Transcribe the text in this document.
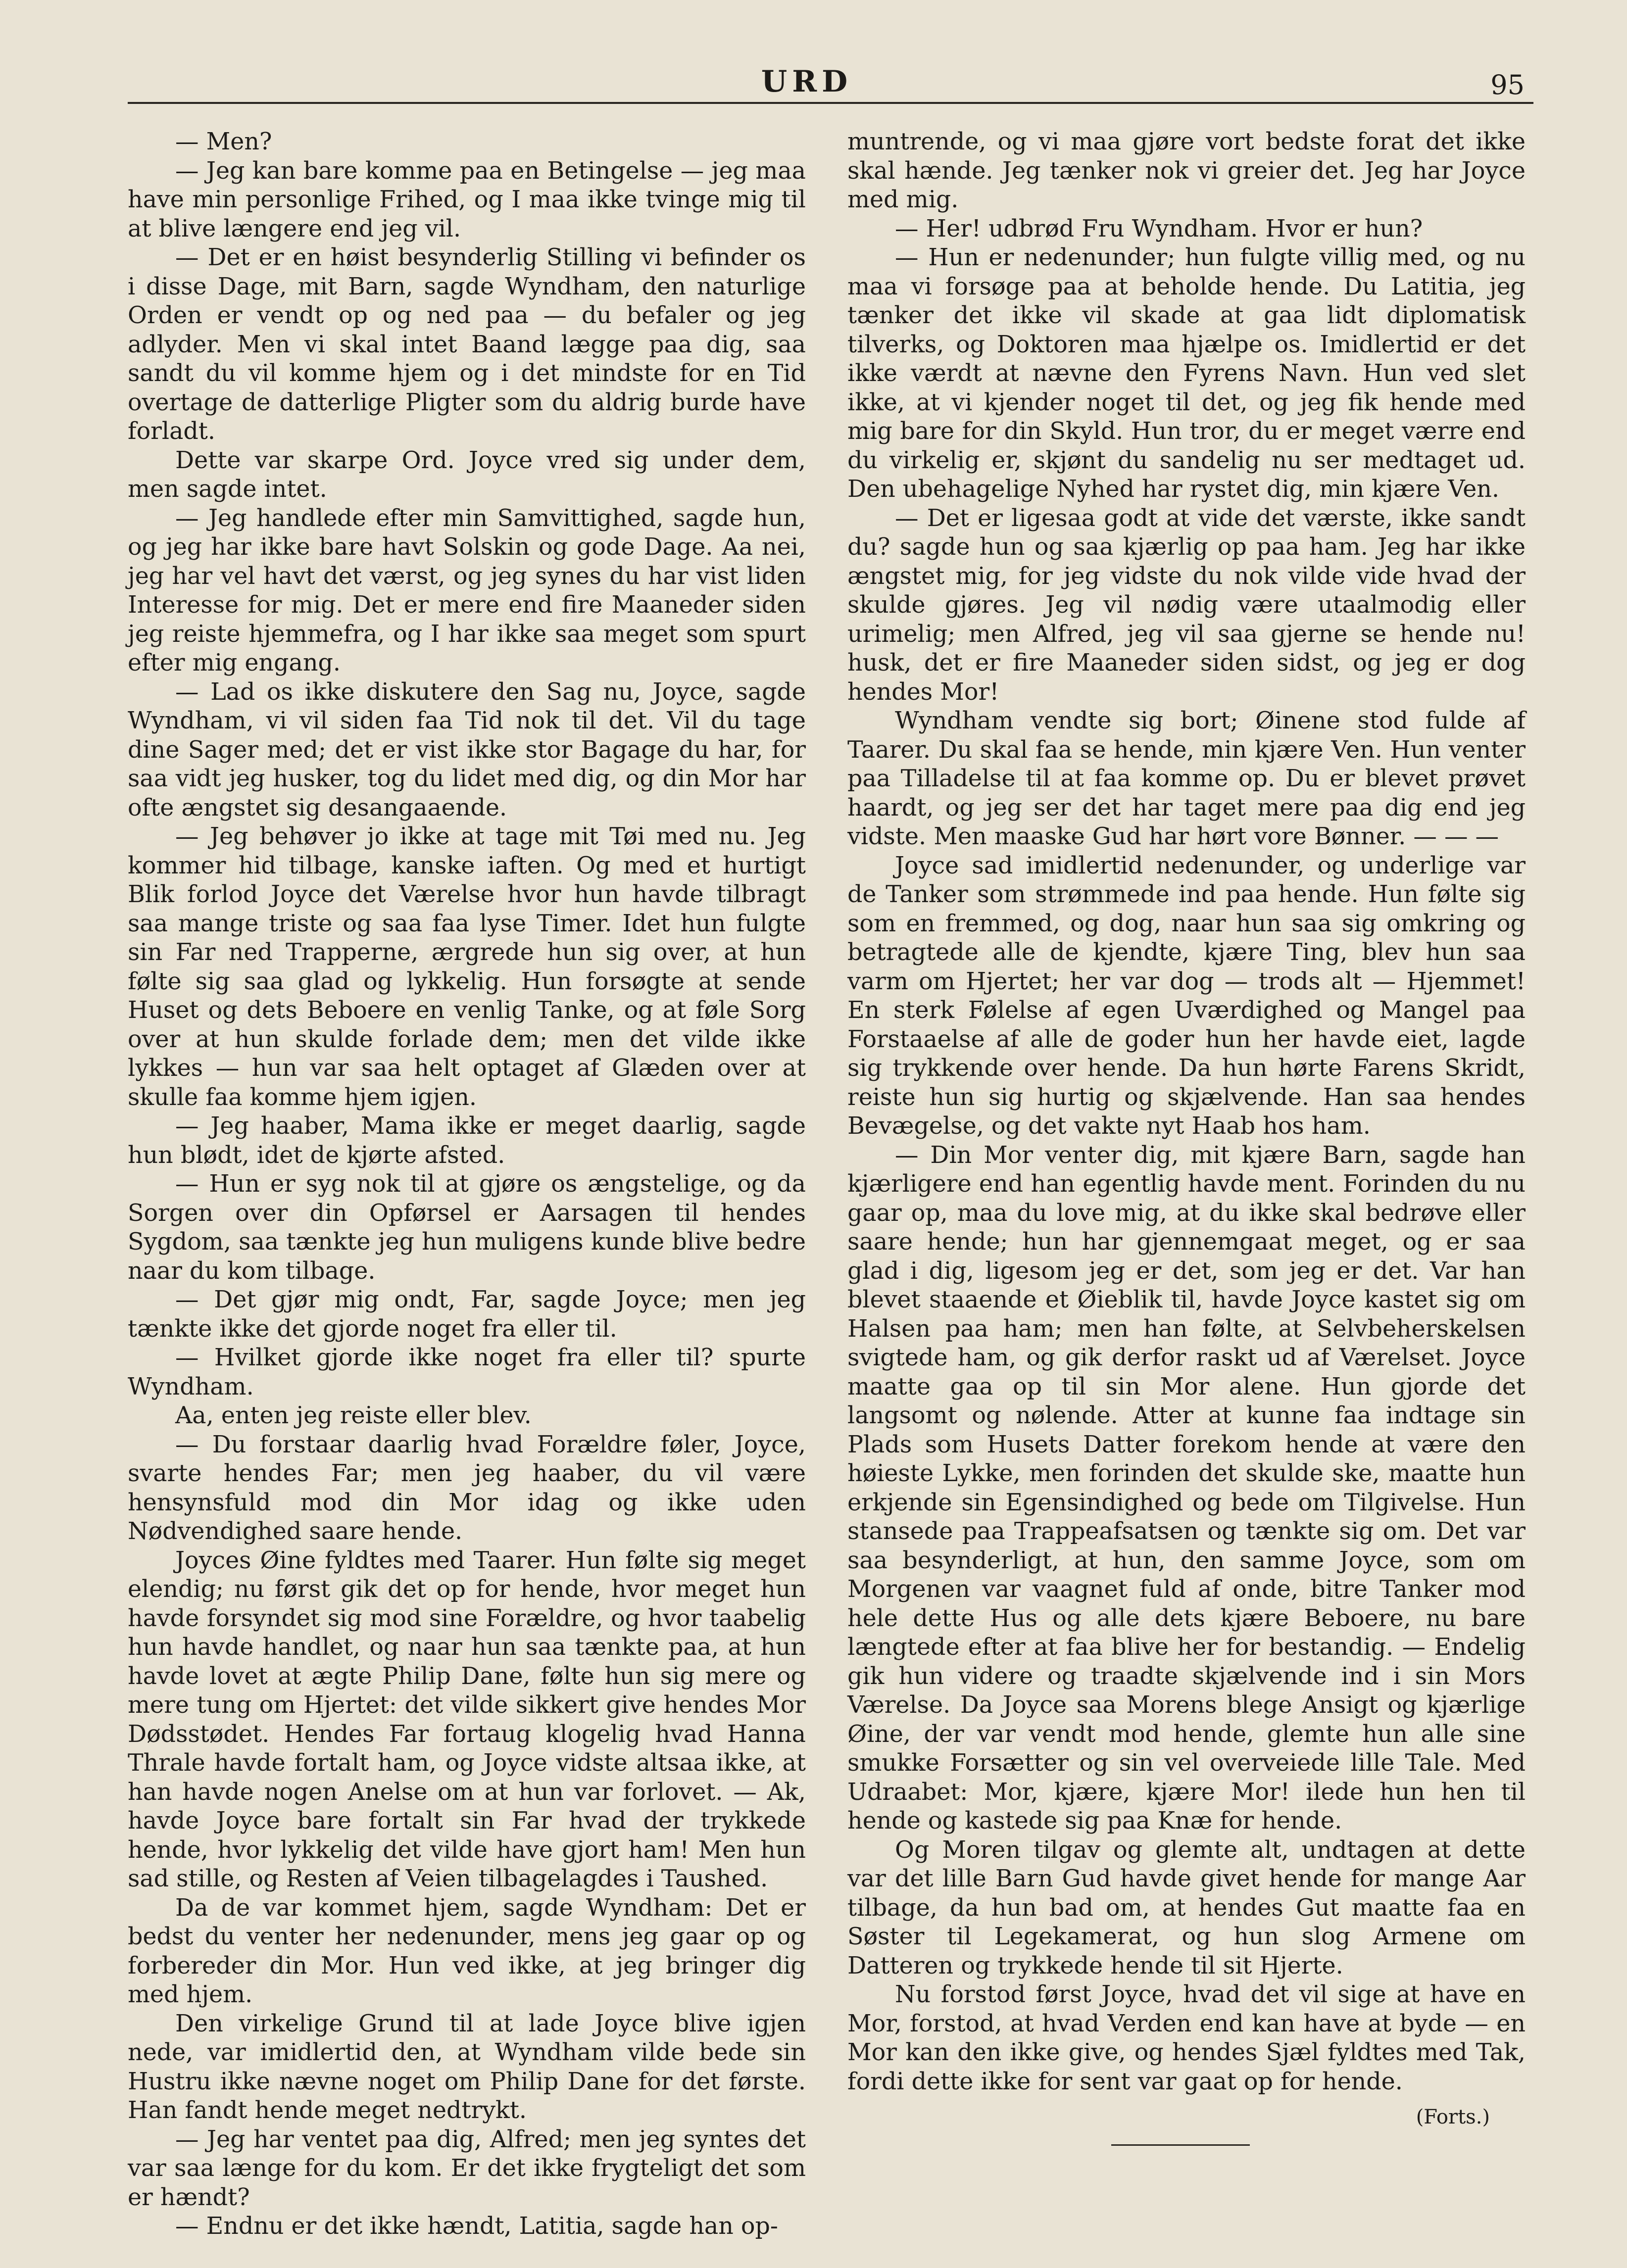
URD	95

— Men?

— Jeg kan bare komme paa en Betingelse — jeg maa have min personlige Frihed, og I maa ikke tvinge mig til at blive længere end jeg vil.

— Det er en høist besynderlig Stilling vi befinder os i disse Dage, mit Barn, sagde Wyndham, den naturlige Orden er vendt op og ned paa — du befaler og jeg adlyder. Men vi skal intet Baand lægge paa dig, saa sandt du vil komme hjem og i det mindste for en Tid overtage de datterlige Pligter som du aldrig burde have forladt.

Dette var skarpe Ord. Joyce vred sig under dem, men sagde intet.

— Jeg handlede efter min Samvittighed, sagde hun, og jeg har ikke bare havt Solskin og gode Dage. Aa nei, jeg har vel havt det værst, og jeg synes du har vist liden Interesse for mig. Det er mere end fire Maaneder siden jeg reiste hjemmefra, og I har ikke saa meget som spurt efter mig engang.

— Lad os ikke diskutere den Sag nu, Joyce, sagde Wyndham, vi vil siden faa Tid nok til det. Vil du tage dine Sager med; det er vist ikke stor Bagage du har, for saa vidt jeg husker, tog du lidet med dig, og din Mor har ofte ængstet sig desangaaende.

— Jeg behøver jo ikke at tage mit Tøi med nu. Jeg kommer hid tilbage, kanske iaften. Og med et hurtigt Blik forlod Joyce det Værelse hvor hun havde tilbragt saa mange triste og saa faa lyse Timer. Idet hun fulgte sin Far ned Trapperne, ærgrede hun sig over, at hun følte sig saa glad og lykkelig. Hun forsøgte at sende Huset og dets Beboere en venlig Tanke, og at føle Sorg over at hun skulde forlade dem; men det vilde ikke lykkes — hun var saa helt optaget af Glæden over at skulle faa komme hjem igjen.

— Jeg haaber, Mama ikke er meget daarlig, sagde hun blødt, idet de kjørte afsted.

— Hun er syg nok til at gjøre os ængstelige, og da Sorgen over din Opførsel er Aarsagen til hendes Sygdom, saa tænkte jeg hun muligens kunde blive bedre naar du kom tilbage.

— Det gjør mig ondt, Far, sagde Joyce; men jeg tænkte ikke det gjorde noget fra eller til.

— Hvilket gjorde ikke noget fra eller til? spurte Wyndham.

Aa, enten jeg reiste eller blev.

— Du forstaar daarlig hvad Forældre føler, Joyce, svarte hendes Far; men jeg haaber, du vil være hensynsfuld mod din Mor idag og ikke uden Nødvendighed saare hende.

Joyces Øine fyldtes med Taarer. Hun følte sig meget elendig; nu først gik det op for hende, hvor meget hun havde forsyndet sig mod sine Forældre, og hvor taabelig hun havde handlet, og naar hun saa tænkte paa, at hun havde lovet at ægte Philip Dane, følte hun sig mere og mere tung om Hjertet: det vilde sikkert give hendes Mor Dødsstødet. Hendes Far fortaug klogelig hvad Hanna Thrale havde fortalt ham, og Joyce vidste altsaa ikke, at han havde nogen Anelse om at hun var forlovet. — Ak, havde Joyce bare fortalt sin Far hvad der trykkede hende, hvor lykkelig det vilde have gjort ham! Men hun sad stille, og Resten af Veien tilbagelagdes i Taushed.

Da de var kommet hjem, sagde Wyndham: Det er bedst du venter her nedenunder, mens jeg gaar op og forbereder din Mor. Hun ved ikke, at jeg bringer dig med hjem.

Den virkelige Grund til at lade Joyce blive igjen nede, var imidlertid den, at Wyndham vilde bede sin Hustru ikke nævne noget om Philip Dane for det første. Han fandt hende meget nedtrykt.

— Jeg har ventet paa dig, Alfred; men jeg syntes det var saa længe for du kom. Er det ikke frygteligt det som er hændt?

— Endnu er det ikke hændt, Latitia, sagde han op-

muntrende, og vi maa gjøre vort bedste forat det ikke skal hænde. Jeg tænker nok vi greier det. Jeg har Joyce med mig.

— Her! udbrød Fru Wyndham. Hvor er hun?

— Hun er nedenunder; hun fulgte villig med, og nu maa vi forsøge paa at beholde hende. Du Latitia, jeg tænker det ikke vil skade at gaa lidt diplomatisk tilverks, og Doktoren maa hjælpe os. Imidlertid er det ikke værdt at nævne den Fyrens Navn. Hun ved slet ikke, at vi kjender noget til det, og jeg fik hende med mig bare for din Skyld. Hun tror, du er meget værre end du virkelig er, skjønt du sandelig nu ser medtaget ud. Den ubehagelige Nyhed har rystet dig, min kjære Ven.

— Det er ligesaa godt at vide det værste, ikke sandt du? sagde hun og saa kjærlig op paa ham. Jeg har ikke ængstet mig, for jeg vidste du nok vilde vide hvad der skulde gjøres. Jeg vil nødig være utaalmodig eller urimelig; men Alfred, jeg vil saa gjerne se hende nu! husk, det er fire Maaneder siden sidst, og jeg er dog hendes Mor!

Wyndham vendte sig bort; Øinene stod fulde af Taarer. Du skal faa se hende, min kjære Ven. Hun venter paa Tilladelse til at faa komme op. Du er blevet prøvet haardt, og jeg ser det har taget mere paa dig end jeg vidste. Men maaske Gud har hørt vore Bønner. — — —

Joyce sad imidlertid nedenunder, og underlige var de Tanker som strømmede ind paa hende. Hun følte sig som en fremmed, og dog, naar hun saa sig omkring og betragtede alle de kjendte, kjære Ting, blev hun saa varm om Hjertet; her var dog — trods alt — Hjemmet! En sterk Følelse af egen Uværdighed og Mangel paa Forstaaelse af alle de goder hun her havde eiet, lagde sig trykkende over hende. Da hun hørte Farens Skridt, reiste hun sig hurtig og skjælvende. Han saa hendes Bevægelse, og det vakte nyt Haab hos ham.

— Din Mor venter dig, mit kjære Barn, sagde han kjærligere end han egentlig havde ment. Forinden du nu gaar op, maa du love mig, at du ikke skal bedrøve eller saare hende; hun har gjennemgaat meget, og er saa glad i dig, ligesom jeg er det, som jeg er det. Var han blevet staaende et Øieblik til, havde Joyce kastet sig om Halsen paa ham; men han følte, at Selvbeherskelsen svigtede ham, og gik derfor raskt ud af Værelset. Joyce maatte gaa op til sin Mor alene. Hun gjorde det langsomt og nølende. Atter at kunne faa indtage sin Plads som Husets Datter forekom hende at være den høieste Lykke, men forinden det skulde ske, maatte hun erkjende sin Egensindighed og bede om Tilgivelse. Hun stansede paa Trappeafsatsen og tænkte sig om. Det var saa besynderligt, at hun, den samme Joyce, som om Morgenen var vaagnet fuld af onde, bitre Tanker mod hele dette Hus og alle dets kjære Beboere, nu bare længtede efter at faa blive her for bestandig. — Endelig gik hun videre og traadte skjælvende ind i sin Mors Værelse. Da Joyce saa Morens blege Ansigt og kjærlige Øine, der var vendt mod hende, glemte hun alle sine smukke Forsætter og sin vel overveiede lille Tale. Med Udraabet: Mor, kjære, kjære Mor! ilede hun hen til hende og kastede sig paa Knæ for hende.

Og Moren tilgav og glemte alt, undtagen at dette var det lille Barn Gud havde givet hende for mange Aar tilbage, da hun bad om, at hendes Gut maatte faa en Søster til Legekamerat, og hun slog Armene om Datteren og trykkede hende til sit Hjerte.

Nu forstod først Joyce, hvad det vil sige at have en Mor, forstod, at hvad Verden end kan have at byde — en Mor kan den ikke give, og hendes Sjæl fyldtes med Tak, fordi dette ikke for sent var gaat op for hende.

(Forts.)
